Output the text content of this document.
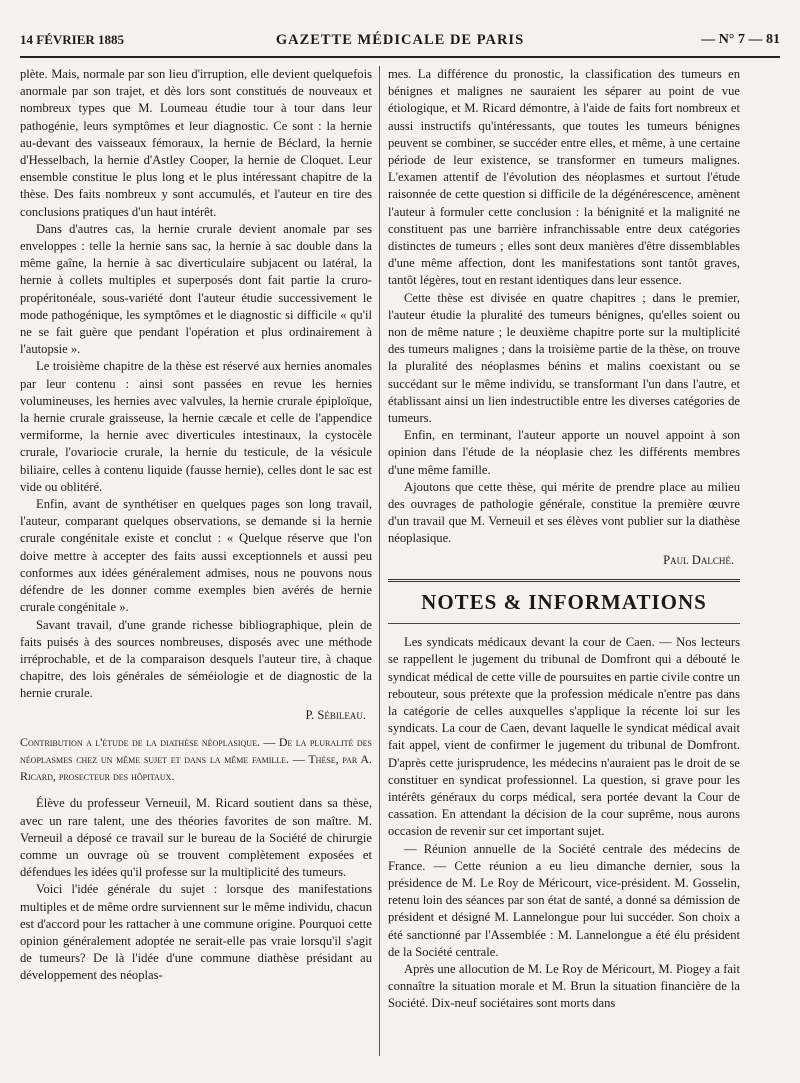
14 FÉVRIER 1885	GAZETTE MÉDICALE DE PARIS	— N° 7 — 81

plète. Mais, normale par son lieu d'irruption, elle devient quelquefois anormale par son trajet, et dès lors sont constitués de nouveaux et nombreux types que M. Loumeau étudie tour à tour dans leur pathogénie, leurs symptômes et leur diagnostic. Ce sont : la hernie au-devant des vaisseaux fémoraux, la hernie de Béclard, la hernie d'Hesselbach, la hernie d'Astley Cooper, la hernie de Cloquet. Leur ensemble constitue le plus long et le plus intéressant chapitre de la thèse. Des faits nombreux y sont accumulés, et l'auteur en tire des conclusions pratiques d'un haut intérêt.

Dans d'autres cas, la hernie crurale devient anomale par ses enveloppes : telle la hernie sans sac, la hernie à sac double dans la même gaîne, la hernie à sac diverticulaire subjacent ou latéral, la hernie à collets multiples et superposés dont fait partie la cruro-propéritonéale, sous-variété dont l'auteur étudie successivement le mode pathogénique, les symptômes et le diagnostic si difficile « qu'il ne se fait guère que pendant l'opération et plus ordinairement à l'autopsie ».

Le troisième chapitre de la thèse est réservé aux hernies anomales par leur contenu : ainsi sont passées en revue les hernies volumineuses, les hernies avec valvules, la hernie crurale épiploïque, la hernie crurale graisseuse, la hernie cæcale et celle de l'appendice vermiforme, la hernie avec diverticules intestinaux, la cystocèle crurale, l'ovariocie crurale, la hernie du testicule, de la vésicule biliaire, celles à contenu liquide (fausse hernie), celles dont le sac est vide ou oblitéré.

Enfin, avant de synthétiser en quelques pages son long travail, l'auteur, comparant quelques observations, se demande si la hernie crurale congénitale existe et conclut : « Quelque réserve que l'on doive mettre à accepter des faits aussi exceptionnels et aussi peu conformes aux idées généralement admises, nous ne pouvons nous défendre de les donner comme exemples bien avérés de hernie crurale congénitale ».

Savant travail, d'une grande richesse bibliographique, plein de faits puisés à des sources nombreuses, disposés avec une méthode irréprochable, et de la comparaison desquels l'auteur tire, à chaque chapitre, des lois générales de séméiologie et de diagnostic de la hernie crurale.

P. Sébileau.

Contribution a l'étude de la diathèse néoplasique. — De la pluralité des néoplasmes chez un même sujet et dans la même famille. — Thèse, par A. Ricard, prosecteur des hôpitaux.

Élève du professeur Verneuil, M. Ricard soutient dans sa thèse, avec un rare talent, une des théories favorites de son maître. M. Verneuil a déposé ce travail sur le bureau de la Société de chirurgie comme un ouvrage où se trouvent complètement exposées et défendues les idées qu'il professe sur la multiplicité des tumeurs.

Voici l'idée générale du sujet : lorsque des manifestations multiples et de même ordre surviennent sur le même individu, chacun est d'accord pour les rattacher à une commune origine. Pourquoi cette opinion généralement adoptée ne serait-elle pas vraie lorsqu'il s'agit de tumeurs? De là l'idée d'une commune diathèse présidant au développement des néoplas-

mes. La différence du pronostic, la classification des tumeurs en bénignes et malignes ne sauraient les séparer au point de vue étiologique, et M. Ricard démontre, à l'aide de faits fort nombreux et aussi instructifs qu'intéressants, que toutes les tumeurs bénignes peuvent se combiner, se succéder entre elles, et même, à une certaine période de leur existence, se transformer en tumeurs malignes. L'examen attentif de l'évolution des néoplasmes et surtout l'étude raisonnée de cette question si difficile de la dégénérescence, amènent l'auteur à formuler cette conclusion : la bénignité et la malignité ne constituent pas une barrière infranchissable entre deux catégories distinctes de tumeurs ; elles sont deux manières d'être dissemblables d'une même affection, dont les manifestations sont tantôt graves, tantôt légères, tout en restant identiques dans leur essence.

Cette thèse est divisée en quatre chapitres ; dans le premier, l'auteur étudie la pluralité des tumeurs bénignes, qu'elles soient ou non de même nature ; le deuxième chapitre porte sur la multiplicité des tumeurs malignes ; dans la troisième partie de la thèse, on trouve la pluralité des néoplasmes bénins et malins coexistant ou se succédant sur le même individu, se transformant l'un dans l'autre, et établissant ainsi un lien indestructible entre les diverses catégories de tumeurs.

Enfin, en terminant, l'auteur apporte un nouvel appoint à son opinion dans l'étude de la néoplasie chez les différents membres d'une même famille.

Ajoutons que cette thèse, qui mérite de prendre place au milieu des ouvrages de pathologie générale, constitue la première œuvre d'un travail que M. Verneuil et ses élèves vont publier sur la diathèse néoplasique.

Paul Dalché.

NOTES & INFORMATIONS

Les syndicats médicaux devant la cour de Caen. — Nos lecteurs se rappellent le jugement du tribunal de Domfront qui a débouté le syndicat médical de cette ville de poursuites en partie civile contre un rebouteur, sous prétexte que la profession médicale n'entre pas dans la catégorie de celles auxquelles s'applique la récente loi sur les syndicats. La cour de Caen, devant laquelle le syndicat médical avait fait appel, vient de confirmer le jugement du tribunal de Domfront. D'après cette jurisprudence, les médecins n'auraient pas le droit de se constituer en syndicat professionnel. La question, si grave pour les intérêts généraux du corps médical, sera portée devant la Cour de cassation. En attendant la décision de la cour suprême, nous aurons occasion de revenir sur cet important sujet.

— Réunion annuelle de la Société centrale des médecins de France. — Cette réunion a eu lieu dimanche dernier, sous la présidence de M. Le Roy de Méricourt, vice-président. M. Gosselin, retenu loin des séances par son état de santé, a donné sa démission de président et désigné M. Lannelongue pour lui succéder. Son choix a été sanctionné par l'Assemblée : M. Lannelongue a été élu président de la Société centrale.

Après une allocution de M. Le Roy de Méricourt, M. Piogey a fait connaître la situation morale et M. Brun la situation financière de la Société. Dix-neuf sociétaires sont morts dans
